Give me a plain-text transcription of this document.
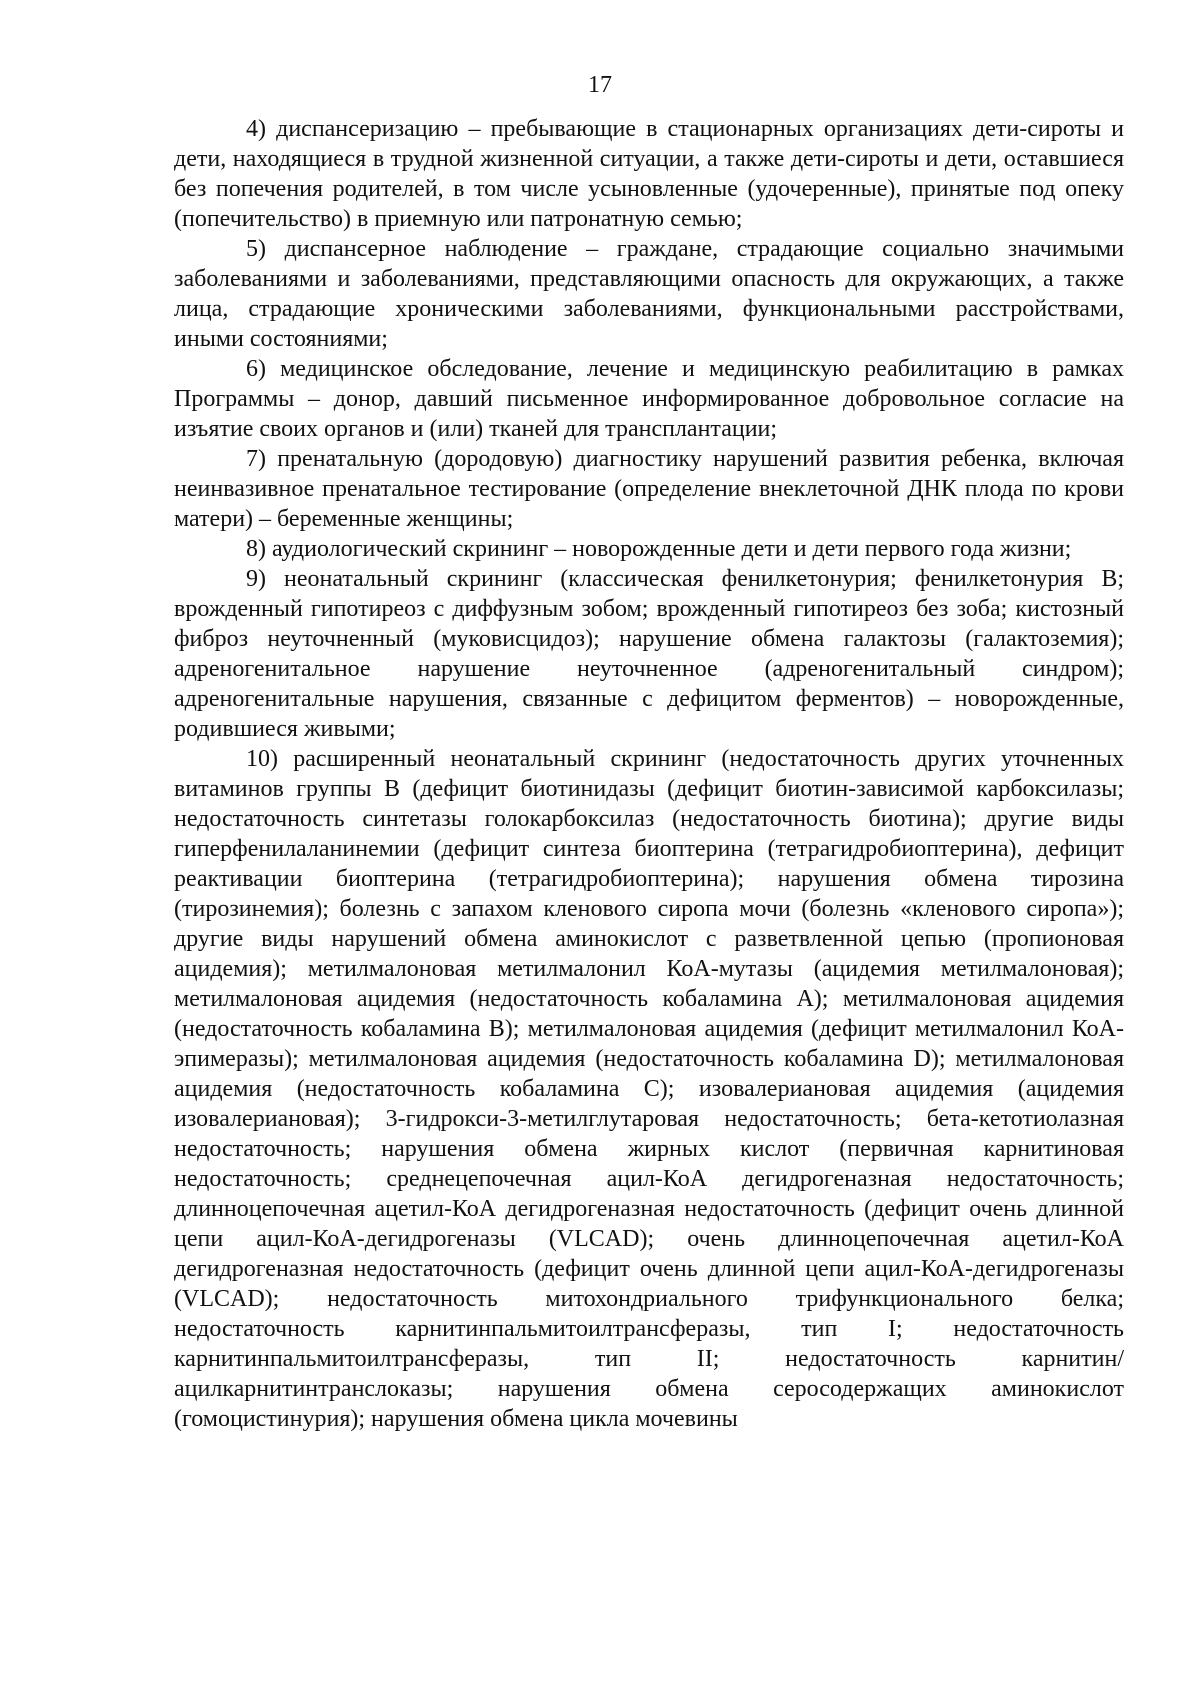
17

4) диспансеризацию – пребывающие в стационарных организациях дети-сироты и дети, находящиеся в трудной жизненной ситуации, а также дети-сироты и дети, оставшиеся без попечения родителей, в том числе усыновленные (удочеренные), принятые под опеку (попечительство) в приемную или патронатную семью;

5) диспансерное наблюдение – граждане, страдающие социально значимыми заболеваниями и заболеваниями, представляющими опасность для окружающих, а также лица, страдающие хроническими заболеваниями, функциональными расстройствами, иными состояниями;

6) медицинское обследование, лечение и медицинскую реабилитацию в рамках Программы – донор, давший письменное информированное добровольное согласие на изъятие своих органов и (или) тканей для трансплантации;

7) пренатальную (дородовую) диагностику нарушений развития ребенка, включая неинвазивное пренатальное тестирование (определение внеклеточной ДНК плода по крови матери) – беременные женщины;

8) аудиологический скрининг – новорожденные дети и дети первого года жизни;

9) неонатальный скрининг (классическая фенилкетонурия; фенилкетонурия B; врожденный гипотиреоз с диффузным зобом; врожденный гипотиреоз без зоба; кистозный фиброз неуточненный (муковисцидоз); нарушение обмена галактозы (галактоземия); адреногенитальное нарушение неуточненное (адреногенитальный синдром); адреногенитальные нарушения, связанные с дефицитом ферментов) – новорожденные, родившиеся живыми;

10) расширенный неонатальный скрининг (недостаточность других уточненных витаминов группы B (дефицит биотинидазы (дефицит биотин-зависимой карбоксилазы; недостаточность синтетазы голокарбоксилаз (недостаточность биотина); другие виды гиперфенилаланинемии (дефицит синтеза биоптерина (тетрагидробиоптерина), дефицит реактивации биоптерина (тетрагидробиоптерина); нарушения обмена тирозина (тирозинемия); болезнь с запахом кленового сиропа мочи (болезнь «кленового сиропа»); другие виды нарушений обмена аминокислот с разветвленной цепью (пропионовая ацидемия); метилмалоновая метилмалонил КоА-мутазы (ацидемия метилмалоновая); метилмалоновая ацидемия (недостаточность кобаламина A); метилмалоновая ацидемия (недостаточность кобаламина B); метилмалоновая ацидемия (дефицит метилмалонил КоА-эпимеразы); метилмалоновая ацидемия (недостаточность кобаламина D); метилмалоновая ацидемия (недостаточность кобаламина C); изовалериановая ацидемия (ацидемия изовалериановая); 3-гидрокси-3-метилглутаровая недостаточность; бета-кетотиолазная недостаточность; нарушения обмена жирных кислот (первичная карнитиновая недостаточность; среднецепочечная ацил-КоА дегидрогеназная недостаточность; длинноцепочечная ацетил-КоА дегидрогеназная недостаточность (дефицит очень длинной цепи ацил-КоА-дегидрогеназы (VLCAD); очень длинноцепочечная ацетил-КоА дегидрогеназная недостаточность (дефицит очень длинной цепи ацил-КоА-дегидрогеназы (VLCAD); недостаточность митохондриального трифункционального белка; недостаточность карнитинпальмитоилтрансферазы, тип I; недостаточность карнитинпальмитоилтрансферазы, тип II; недостаточность карнитин/ацилкарнитинтранслоказы; нарушения обмена серосодержащих аминокислот (гомоцистинурия); нарушения обмена цикла мочевины
